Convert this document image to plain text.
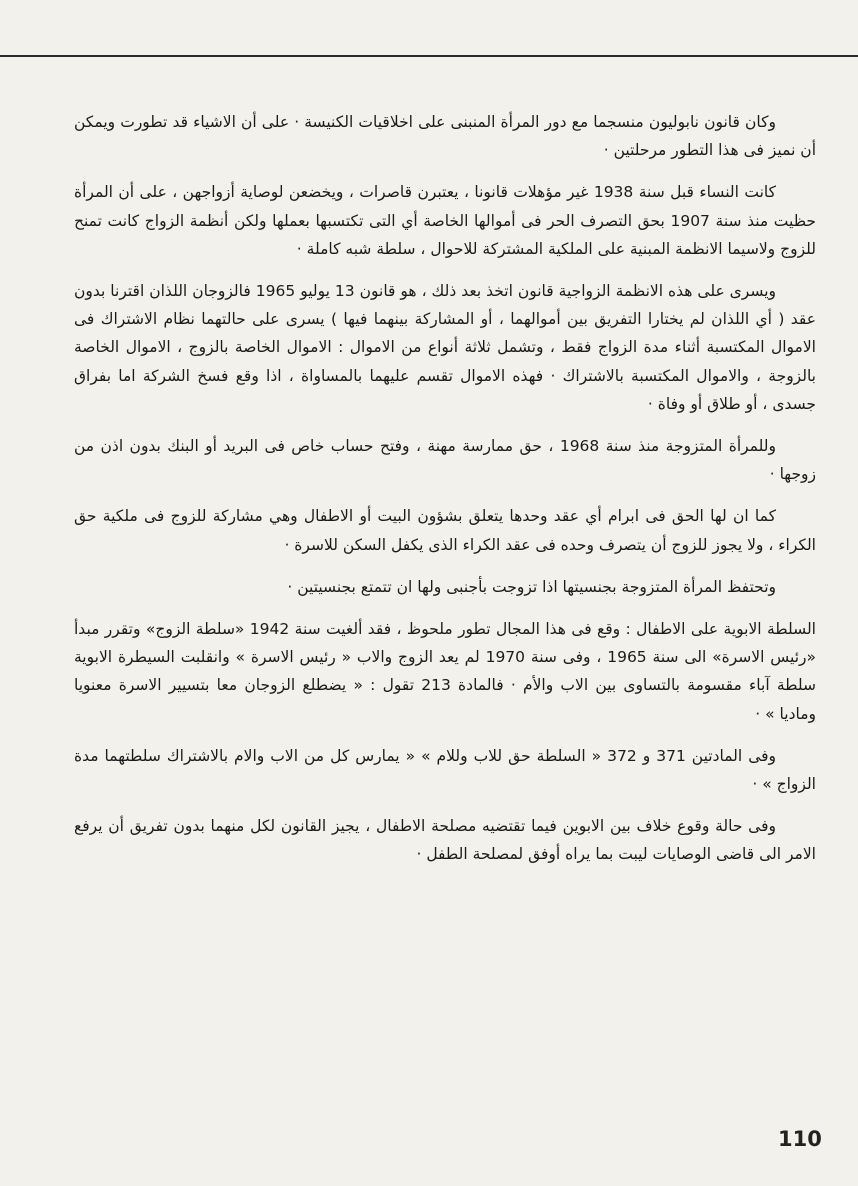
وكان قانون نابوليون منسجما مع دور المرأة المنبنى على اخلاقيات الكنيسة · على أن الاشياء قد تطورت ويمكن أن نميز فى هذا التطور مرحلتين ·

كانت النساء قبل سنة 1938 غير مؤهلات قانونا ، يعتبرن قاصرات ، ويخضعن لوصاية أزواجهن ، على أن المرأة حظيت منذ سنة 1907 بحق التصرف الحر فى أموالها الخاصة أي التى تكتسبها بعملها ولكن أنظمة الزواج كانت تمنح للزوج ولاسيما الانظمة المبنية على الملكية المشتركة للاحوال ، سلطة شبه كاملة ·

ويسرى على هذه الانظمة الزواجية قانون اتخذ بعد ذلك ، هو قانون 13 يوليو 1965 فالزوجان اللذان اقترنا بدون عقد ( أي اللذان لم يختارا التفريق بين أموالهما ، أو المشاركة بينهما فيها ) يسرى على حالتهما نظام الاشتراك فى الاموال المكتسبة أثناء مدة الزواج فقط ، وتشمل ثلاثة أنواع من الاموال : الاموال الخاصة بالزوج ، الاموال الخاصة بالزوجة ، والاموال المكتسبة بالاشتراك · فهذه الاموال تقسم عليهما بالمساواة ، اذا وقع فسخ الشركة اما بفراق جسدى ، أو طلاق أو وفاة ·

وللمرأة المتزوجة منذ سنة 1968 ، حق ممارسة مهنة ، وفتح حساب خاص فى البريد أو البنك بدون اذن من زوجها ·

كما ان لها الحق فى ابرام أي عقد وحدها يتعلق بشؤون البيت أو الاطفال وهي مشاركة للزوج فى ملكية حق الكراء ، ولا يجوز للزوج أن يتصرف وحده فى عقد الكراء الذى يكفل السكن للاسرة ·

وتحتفظ المرأة المتزوجة بجنسيتها اذا تزوجت بأجنبى ولها ان تتمتع بجنسيتين ·

السلطة الابوية على الاطفال : وقع فى هذا المجال تطور ملحوظ ، فقد ألغيت سنة 1942 «سلطة الزوج» وتقرر مبدأ «رئيس الاسرة» الى سنة 1965 ، وفى سنة 1970 لم يعد الزوج والاب « رئيس الاسرة » وانقلبت السيطرة الابوية سلطة آباء مقسومة بالتساوى بين الاب والأم · فالمادة 213 تقول : « يضطلع الزوجان معا بتسيير الاسرة معنويا وماديا » ·

وفى المادتين 371 و 372 « السلطة حق للاب وللام » « يمارس كل من الاب والام بالاشتراك سلطتهما مدة الزواج » ·

وفى حالة وقوع خلاف بين الابوين فيما تقتضيه مصلحة الاطفال ، يجيز القانون لكل منهما بدون تفريق أن يرفع الامر الى قاضى الوصايات ليبت بما يراه أوفق لمصلحة الطفل ·

110
